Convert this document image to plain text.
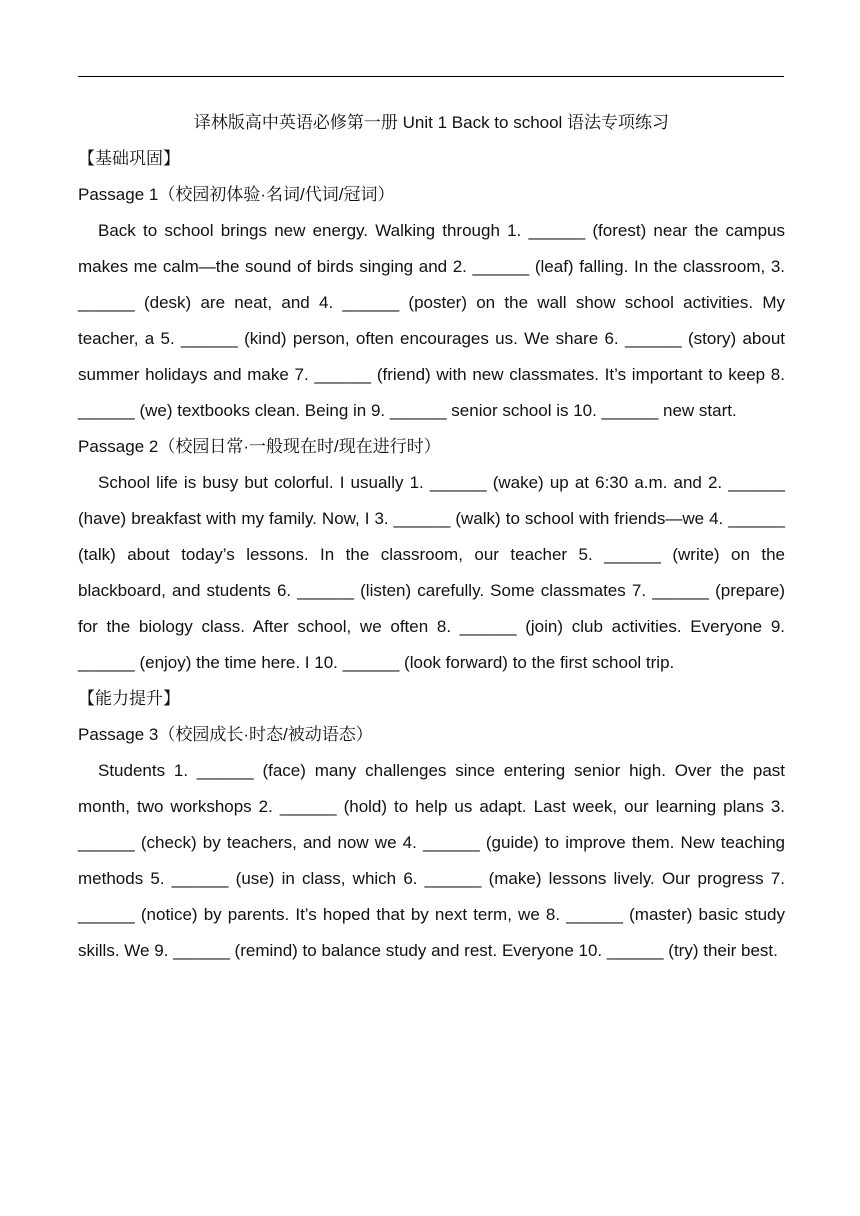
译林版高中英语必修第一册 Unit 1 Back to school 语法专项练习
【基础巩固】
Passage 1（校园初体验·名词/代词/冠词）

Back to school brings new energy. Walking through 1. ______ (forest) near the campus makes me calm—the sound of birds singing and 2. ______ (leaf) falling. In the classroom, 3. ______ (desk) are neat, and 4. ______ (poster) on the wall show school activities. My teacher, a 5. ______ (kind) person, often encourages us. We share 6. ______ (story) about summer holidays and make 7. ______ (friend) with new classmates. It’s important to keep 8. ______ (we) textbooks clean. Being in 9. ______ senior school is 10. ______ new start.

Passage 2（校园日常·一般现在时/现在进行时）

School life is busy but colorful. I usually 1. ______ (wake) up at 6:30 a.m. and 2. ______ (have) breakfast with my family. Now, I 3. ______ (walk) to school with friends—we 4. ______ (talk) about today’s lessons. In the classroom, our teacher 5. ______ (write) on the blackboard, and students 6. ______ (listen) carefully. Some classmates 7. ______ (prepare) for the biology class. After school, we often 8. ______ (join) club activities. Everyone 9. ______ (enjoy) the time here. I 10. ______ (look forward) to the first school trip.

【能力提升】
Passage 3（校园成长·时态/被动语态）

Students 1. ______ (face) many challenges since entering senior high. Over the past month, two workshops 2. ______ (hold) to help us adapt. Last week, our learning plans 3. ______ (check) by teachers, and now we 4. ______ (guide) to improve them. New teaching methods 5. ______ (use) in class, which 6. ______ (make) lessons lively. Our progress 7. ______ (notice) by parents. It’s hoped that by next term, we 8. ______ (master) basic study skills. We 9. ______ (remind) to balance study and rest. Everyone 10. ______ (try) their best.
